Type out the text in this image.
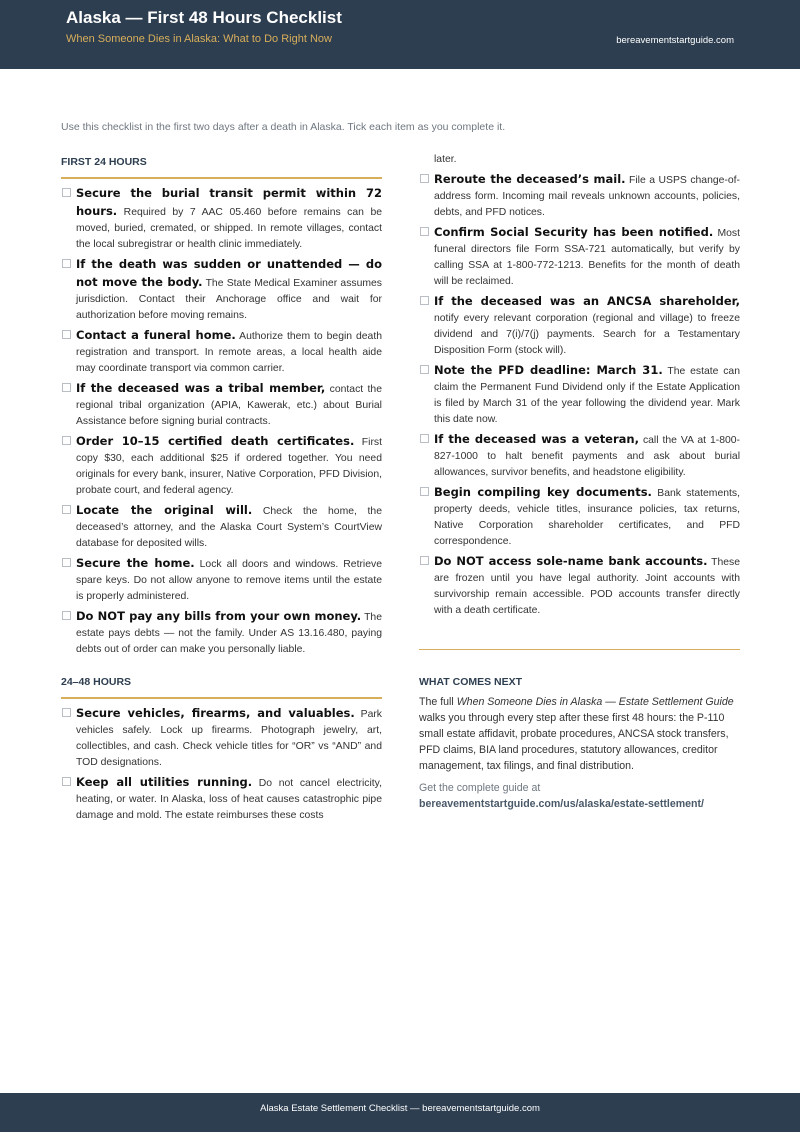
Alaska — First 48 Hours Checklist
When Someone Dies in Alaska: What to Do Right Now	bereavementstartguide.com
Use this checklist in the first two days after a death in Alaska. Tick each item as you complete it.
FIRST 24 HOURS
Secure the burial transit permit within 72 hours. Required by 7 AAC 05.460 before remains can be moved, buried, cremated, or shipped. In remote villages, contact the local subregistrar or health clinic immediately.
If the death was sudden or unattended — do not move the body. The State Medical Examiner assumes jurisdiction. Contact their Anchorage office and wait for authorization before moving remains.
Contact a funeral home. Authorize them to begin death registration and transport. In remote areas, a local health aide may coordinate transport via common carrier.
If the deceased was a tribal member, contact the regional tribal organization (APIA, Kawerak, etc.) about Burial Assistance before signing burial contracts.
Order 10–15 certified death certificates. First copy $30, each additional $25 if ordered together. You need originals for every bank, insurer, Native Corporation, PFD Division, probate court, and federal agency.
Locate the original will. Check the home, the deceased’s attorney, and the Alaska Court System’s CourtView database for deposited wills.
Secure the home. Lock all doors and windows. Retrieve spare keys. Do not allow anyone to remove items until the estate is properly administered.
Do NOT pay any bills from your own money. The estate pays debts — not the family. Under AS 13.16.480, paying debts out of order can make you personally liable.
24–48 HOURS
Secure vehicles, firearms, and valuables. Park vehicles safely. Lock up firearms. Photograph jewelry, art, collectibles, and cash. Check vehicle titles for “OR” vs “AND” and TOD designations.
Keep all utilities running. Do not cancel electricity, heating, or water. In Alaska, loss of heat causes catastrophic pipe damage and mold. The estate reimburses these costs
later.
Reroute the deceased’s mail. File a USPS change-of-address form. Incoming mail reveals unknown accounts, policies, debts, and PFD notices.
Confirm Social Security has been notified. Most funeral directors file Form SSA-721 automatically, but verify by calling SSA at 1-800-772-1213. Benefits for the month of death will be reclaimed.
If the deceased was an ANCSA shareholder, notify every relevant corporation (regional and village) to freeze dividend and 7(i)/7(j) payments. Search for a Testamentary Disposition Form (stock will).
Note the PFD deadline: March 31. The estate can claim the Permanent Fund Dividend only if the Estate Application is filed by March 31 of the year following the dividend year. Mark this date now.
If the deceased was a veteran, call the VA at 1-800-827-1000 to halt benefit payments and ask about burial allowances, survivor benefits, and headstone eligibility.
Begin compiling key documents. Bank statements, property deeds, vehicle titles, insurance policies, tax returns, Native Corporation shareholder certificates, and PFD correspondence.
Do NOT access sole-name bank accounts. These are frozen until you have legal authority. Joint accounts with survivorship remain accessible. POD accounts transfer directly with a death certificate.
WHAT COMES NEXT
The full When Someone Dies in Alaska — Estate Settlement Guide walks you through every step after these first 48 hours: the P-110 small estate affidavit, probate procedures, ANCSA stock transfers, PFD claims, BIA land procedures, statutory allowances, creditor management, tax filings, and final distribution.
Get the complete guide at
bereavementstartguide.com/us/alaska/estate-settlement/
Alaska Estate Settlement Checklist — bereavementstartguide.com
